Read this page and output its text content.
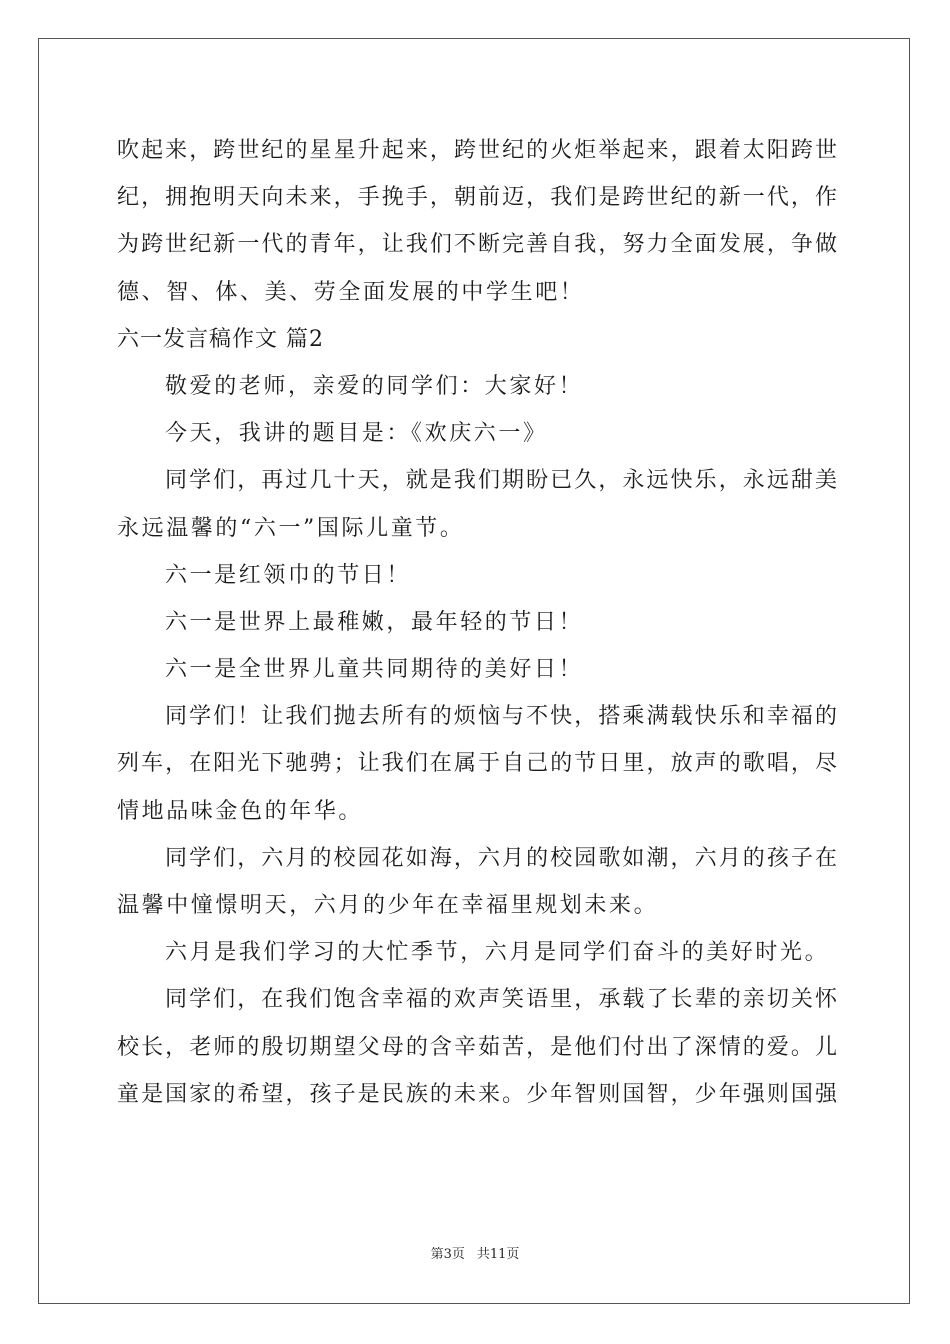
吹起来，跨世纪的星星升起来，跨世纪的火炬举起来，跟着太阳跨世
纪，拥抱明天向未来，手挽手，朝前迈，我们是跨世纪的新一代，作
为跨世纪新一代的青年，让我们不断完善自我，努力全面发展，争做
德、智、体、美、劳全面发展的中学生吧！
六一发言稿作文 篇2
敬爱的老师，亲爱的同学们：大家好！
今天，我讲的题目是：《欢庆六一》
同学们，再过几十天，就是我们期盼已久，永远快乐，永远甜美
永远温馨的“六一”国际儿童节。
六一是红领巾的节日！
六一是世界上最稚嫩，最年轻的节日！
六一是全世界儿童共同期待的美好日！
同学们！让我们抛去所有的烦恼与不快，搭乘满载快乐和幸福的
列车，在阳光下驰骋；让我们在属于自己的节日里，放声的歌唱，尽
情地品味金色的年华。
同学们，六月的校园花如海，六月的校园歌如潮，六月的孩子在
温馨中憧憬明天，六月的少年在幸福里规划未来。
六月是我们学习的大忙季节，六月是同学们奋斗的美好时光。
同学们，在我们饱含幸福的欢声笑语里，承载了长辈的亲切关怀
校长，老师的殷切期望父母的含辛茹苦，是他们付出了深情的爱。儿
童是国家的希望，孩子是民族的未来。少年智则国智，少年强则国强
第3页 共11页
